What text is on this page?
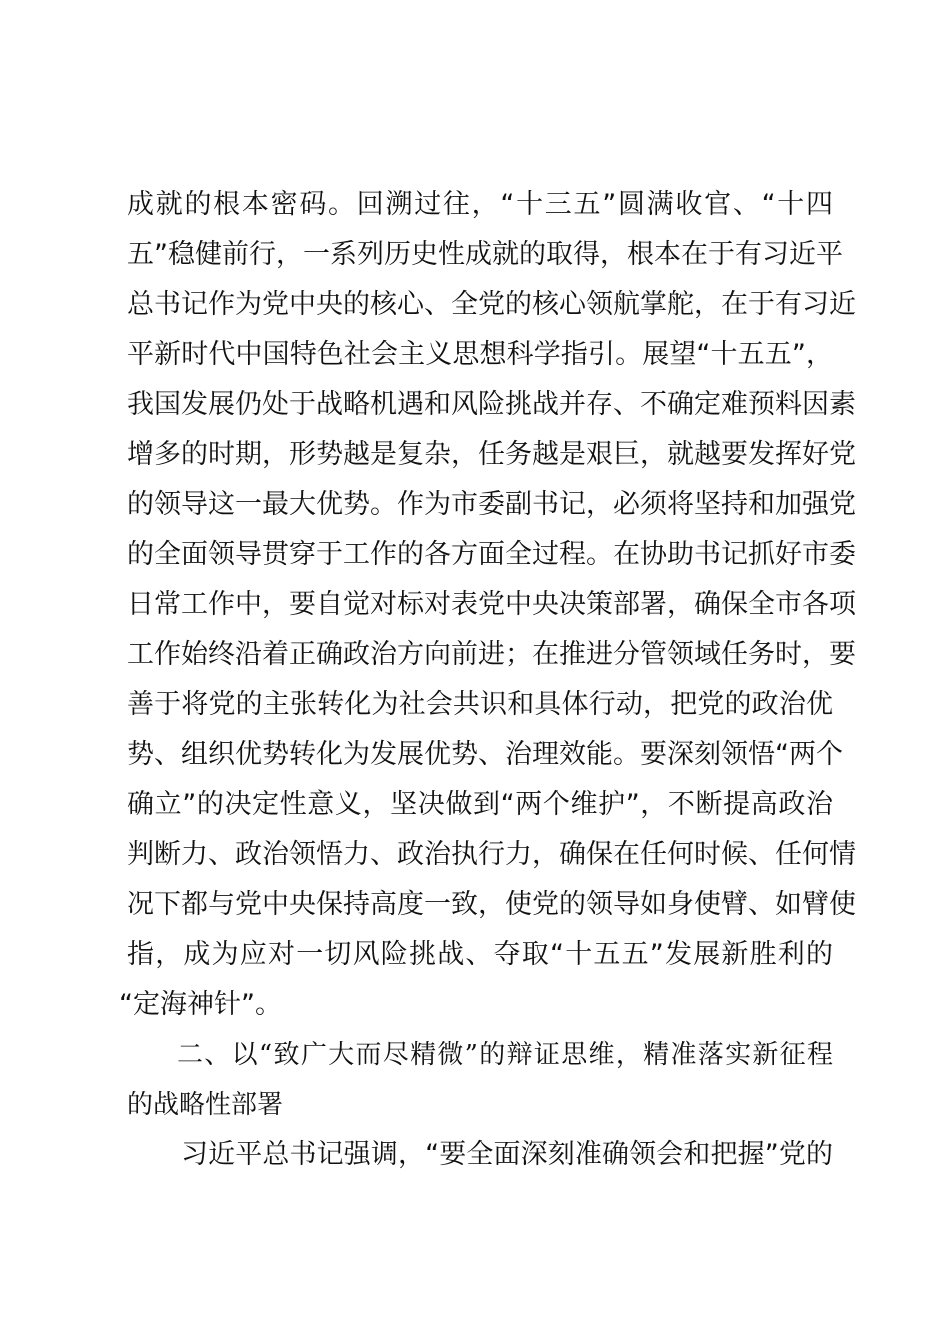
成就的根本密码。回溯过往，“十三五”圆满收官、“十四
五”稳健前行，一系列历史性成就的取得，根本在于有习近平
总书记作为党中央的核心、全党的核心领航掌舵，在于有习近
平新时代中国特色社会主义思想科学指引。展望“十五五”，
我国发展仍处于战略机遇和风险挑战并存、不确定难预料因素
增多的时期，形势越是复杂，任务越是艰巨，就越要发挥好党
的领导这一最大优势。作为市委副书记，必须将坚持和加强党
的全面领导贯穿于工作的各方面全过程。在协助书记抓好市委
日常工作中，要自觉对标对表党中央决策部署，确保全市各项
工作始终沿着正确政治方向前进；在推进分管领域任务时，要
善于将党的主张转化为社会共识和具体行动，把党的政治优
势、组织优势转化为发展优势、治理效能。要深刻领悟“两个
确立”的决定性意义，坚决做到“两个维护”，不断提高政治
判断力、政治领悟力、政治执行力，确保在任何时候、任何情
况下都与党中央保持高度一致，使党的领导如身使臂、如臂使
指，成为应对一切风险挑战、夺取“十五五”发展新胜利的
“定海神针”。
二、以“致广大而尽精微”的辩证思维，精准落实新征程
的战略性部署
习近平总书记强调，“要全面深刻准确领会和把握”党的
